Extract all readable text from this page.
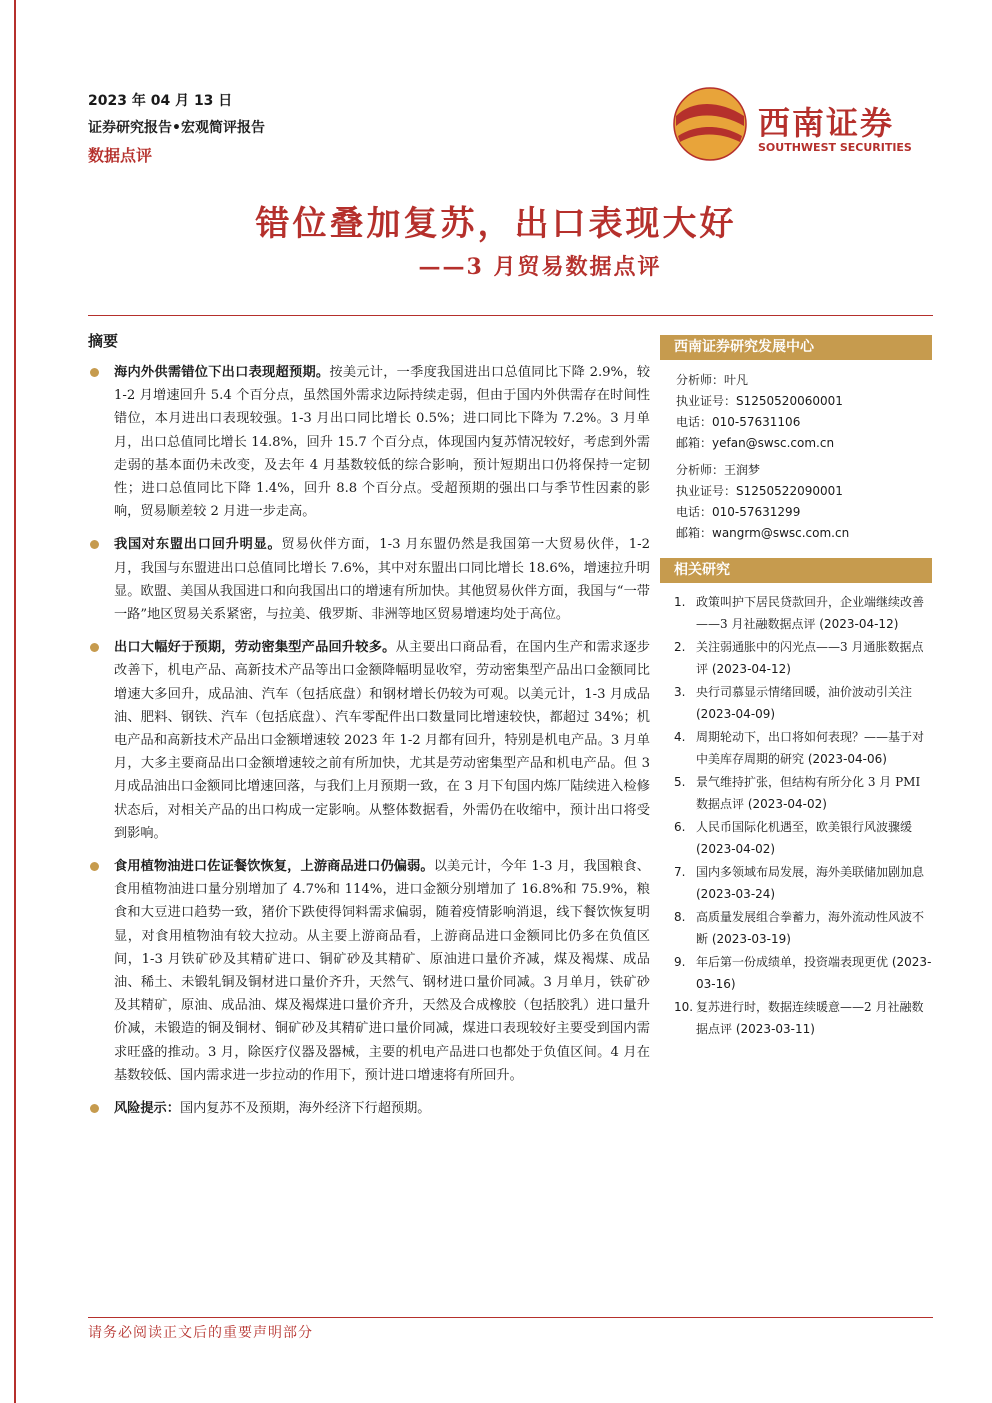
2023 年 04 月 13 日
证券研究报告•宏观简评报告
数据点评
西南证券
SOUTHWEST SECURITIES
错位叠加复苏，出口表现大好
——3 月贸易数据点评
摘要
海内外供需错位下出口表现超预期。按美元计，一季度我国进出口总值同比下降 2.9%，较 1-2 月增速回升 5.4 个百分点，虽然国外需求边际持续走弱，但由于国内外供需存在时间性错位，本月进出口表现较强。1-3 月出口同比增长 0.5%；进口同比下降为 7.2%。3 月单月，出口总值同比增长 14.8%，回升 15.7 个百分点，体现国内复苏情况较好，考虑到外需走弱的基本面仍未改变，及去年 4 月基数较低的综合影响，预计短期出口仍将保持一定韧性；进口总值同比下降 1.4%，回升 8.8 个百分点。受超预期的强出口与季节性因素的影响，贸易顺差较 2 月进一步走高。
我国对东盟出口回升明显。贸易伙伴方面，1-3 月东盟仍然是我国第一大贸易伙伴，1-2 月，我国与东盟进出口总值同比增长 7.6%，其中对东盟出口同比增长 18.6%，增速拉升明显。欧盟、美国从我国进口和向我国出口的增速有所加快。其他贸易伙伴方面，我国与“一带一路”地区贸易关系紧密，与拉美、俄罗斯、非洲等地区贸易增速均处于高位。
出口大幅好于预期，劳动密集型产品回升较多。从主要出口商品看，在国内生产和需求逐步改善下，机电产品、高新技术产品等出口金额降幅明显收窄，劳动密集型产品出口金额同比增速大多回升，成品油、汽车（包括底盘）和钢材增长仍较为可观。以美元计，1-3 月成品油、肥料、钢铁、汽车（包括底盘）、汽车零配件出口数量同比增速较快，都超过 34%；机电产品和高新技术产品出口金额增速较 2023 年 1-2 月都有回升，特别是机电产品。3 月单月，大多主要商品出口金额增速较之前有所加快，尤其是劳动密集型产品和机电产品。但 3 月成品油出口金额同比增速回落，与我们上月预期一致，在 3 月下旬国内炼厂陆续进入检修状态后，对相关产品的出口构成一定影响。从整体数据看，外需仍在收缩中，预计出口将受到影响。
食用植物油进口佐证餐饮恢复，上游商品进口仍偏弱。以美元计，今年 1-3 月，我国粮食、食用植物油进口量分别增加了 4.7%和 114%，进口金额分别增加了 16.8%和 75.9%，粮食和大豆进口趋势一致，猪价下跌使得饲料需求偏弱，随着疫情影响消退，线下餐饮恢复明显，对食用植物油有较大拉动。从主要上游商品看，上游商品进口金额同比仍多在负值区间，1-3 月铁矿砂及其精矿进口、铜矿砂及其精矿、原油进口量价齐减，煤及褐煤、成品油、稀土、未锻轧铜及铜材进口量价齐升，天然气、钢材进口量价同减。3 月单月，铁矿砂及其精矿，原油、成品油、煤及褐煤进口量价齐升，天然及合成橡胶（包括胶乳）进口量升价减，未锻造的铜及铜材、铜矿砂及其精矿进口量价同减，煤进口表现较好主要受到国内需求旺盛的推动。3 月，除医疗仪器及器械，主要的机电产品进口也都处于负值区间。4 月在基数较低、国内需求进一步拉动的作用下，预计进口增速将有所回升。
风险提示：国内复苏不及预期，海外经济下行超预期。
西南证券研究发展中心
分析师：叶凡
执业证号：S1250520060001
电话：010-57631106
邮箱：yefan@swsc.com.cn
分析师：王润梦
执业证号：S1250522090001
电话：010-57631299
邮箱：wangrm@swsc.com.cn
相关研究
1. 政策叫护下居民贷款回升，企业端继续改善——3 月社融数据点评 (2023-04-12)
2. 关注弱通胀中的闪光点——3 月通胀数据点评 (2023-04-12)
3. 央行司慕显示情绪回暖，油价波动引关注 (2023-04-09)
4. 周期轮动下，出口将如何表现？——基于对中美库存周期的研究 (2023-04-06)
5. 景气维持扩张，但结构有所分化 3 月 PMI 数据点评 (2023-04-02)
6. 人民币国际化机遇至，欧美银行风波骤缓 (2023-04-02)
7. 国内多领域布局发展，海外美联储加剧加息 (2023-03-24)
8. 高质量发展组合拳蓄力，海外流动性风波不断 (2023-03-19)
9. 年后第一份成绩单，投资端表现更优 (2023-03-16)
10. 复苏进行时，数据连续暖意——2 月社融数据点评 (2023-03-11)
请务必阅读正文后的重要声明部分
